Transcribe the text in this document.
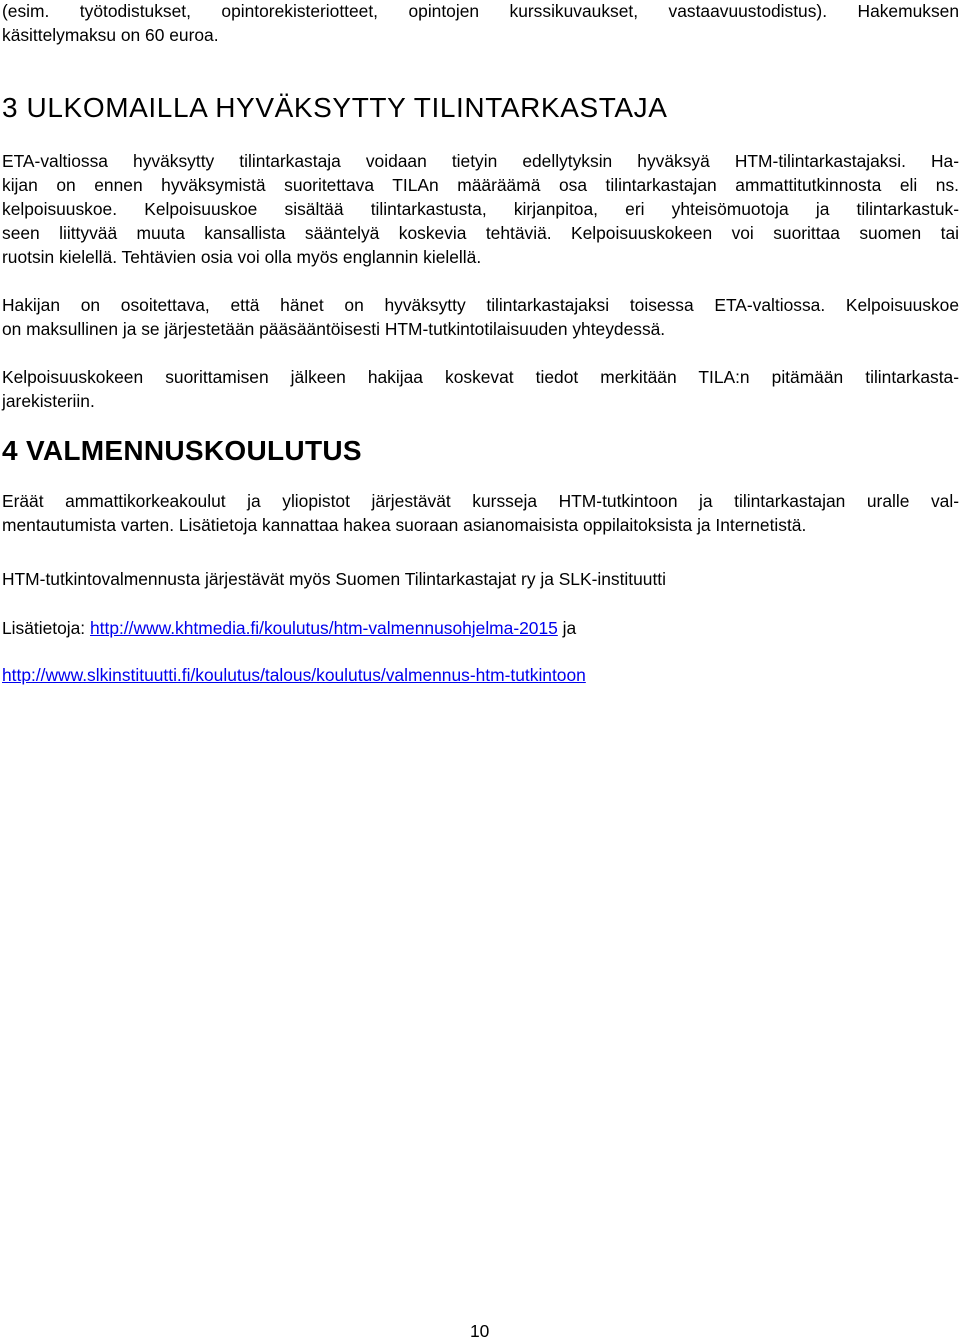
(esim. työtodistukset, opintorekisteriotteet, opintojen kurssikuvaukset, vastaavuustodistus). Hakemuksen
käsittelymaksu on 60 euroa.
3 ULKOMAILLA HYVÄKSYTTY TILINTARKASTAJA
ETA-valtiossa hyväksytty tilintarkastaja voidaan tietyin edellytyksin hyväksyä HTM-tilintarkastajaksi. Ha-
kijan on ennen hyväksymistä suoritettava TILAn määräämä osa tilintarkastajan ammattitutkinnosta eli ns.
kelpoisuuskoe. Kelpoisuuskoe sisältää tilintarkastusta, kirjanpitoa, eri yhteisömuotoja ja tilintarkastuk-
seen liittyvää muuta kansallista sääntelyä koskevia tehtäviä. Kelpoisuuskokeen voi suorittaa suomen tai
ruotsin kielellä. Tehtävien osia voi olla myös englannin kielellä.
Hakijan on osoitettava, että hänet on hyväksytty tilintarkastajaksi toisessa ETA-valtiossa. Kelpoisuuskoe
on maksullinen ja se järjestetään pääsääntöisesti HTM-tutkintotilaisuuden yhteydessä.
Kelpoisuuskokeen suorittamisen jälkeen hakijaa koskevat tiedot merkitään TILA:n pitämään tilintarkasta-
jarekisteriin.
4 VALMENNUSKOULUTUS
Eräät ammattikorkeakoulut ja yliopistot järjestävät kursseja HTM-tutkintoon ja tilintarkastajan uralle val-
mentautumista varten. Lisätietoja kannattaa hakea suoraan asianomaisista oppilaitoksista ja Internetistä.
HTM-tutkintovalmennusta järjestävät myös Suomen Tilintarkastajat ry ja SLK-instituutti
Lisätietoja: http://www.khtmedia.fi/koulutus/htm-valmennusohjelma-2015 ja
http://www.slkinstituutti.fi/koulutus/talous/koulutus/valmennus-htm-tutkintoon
10
